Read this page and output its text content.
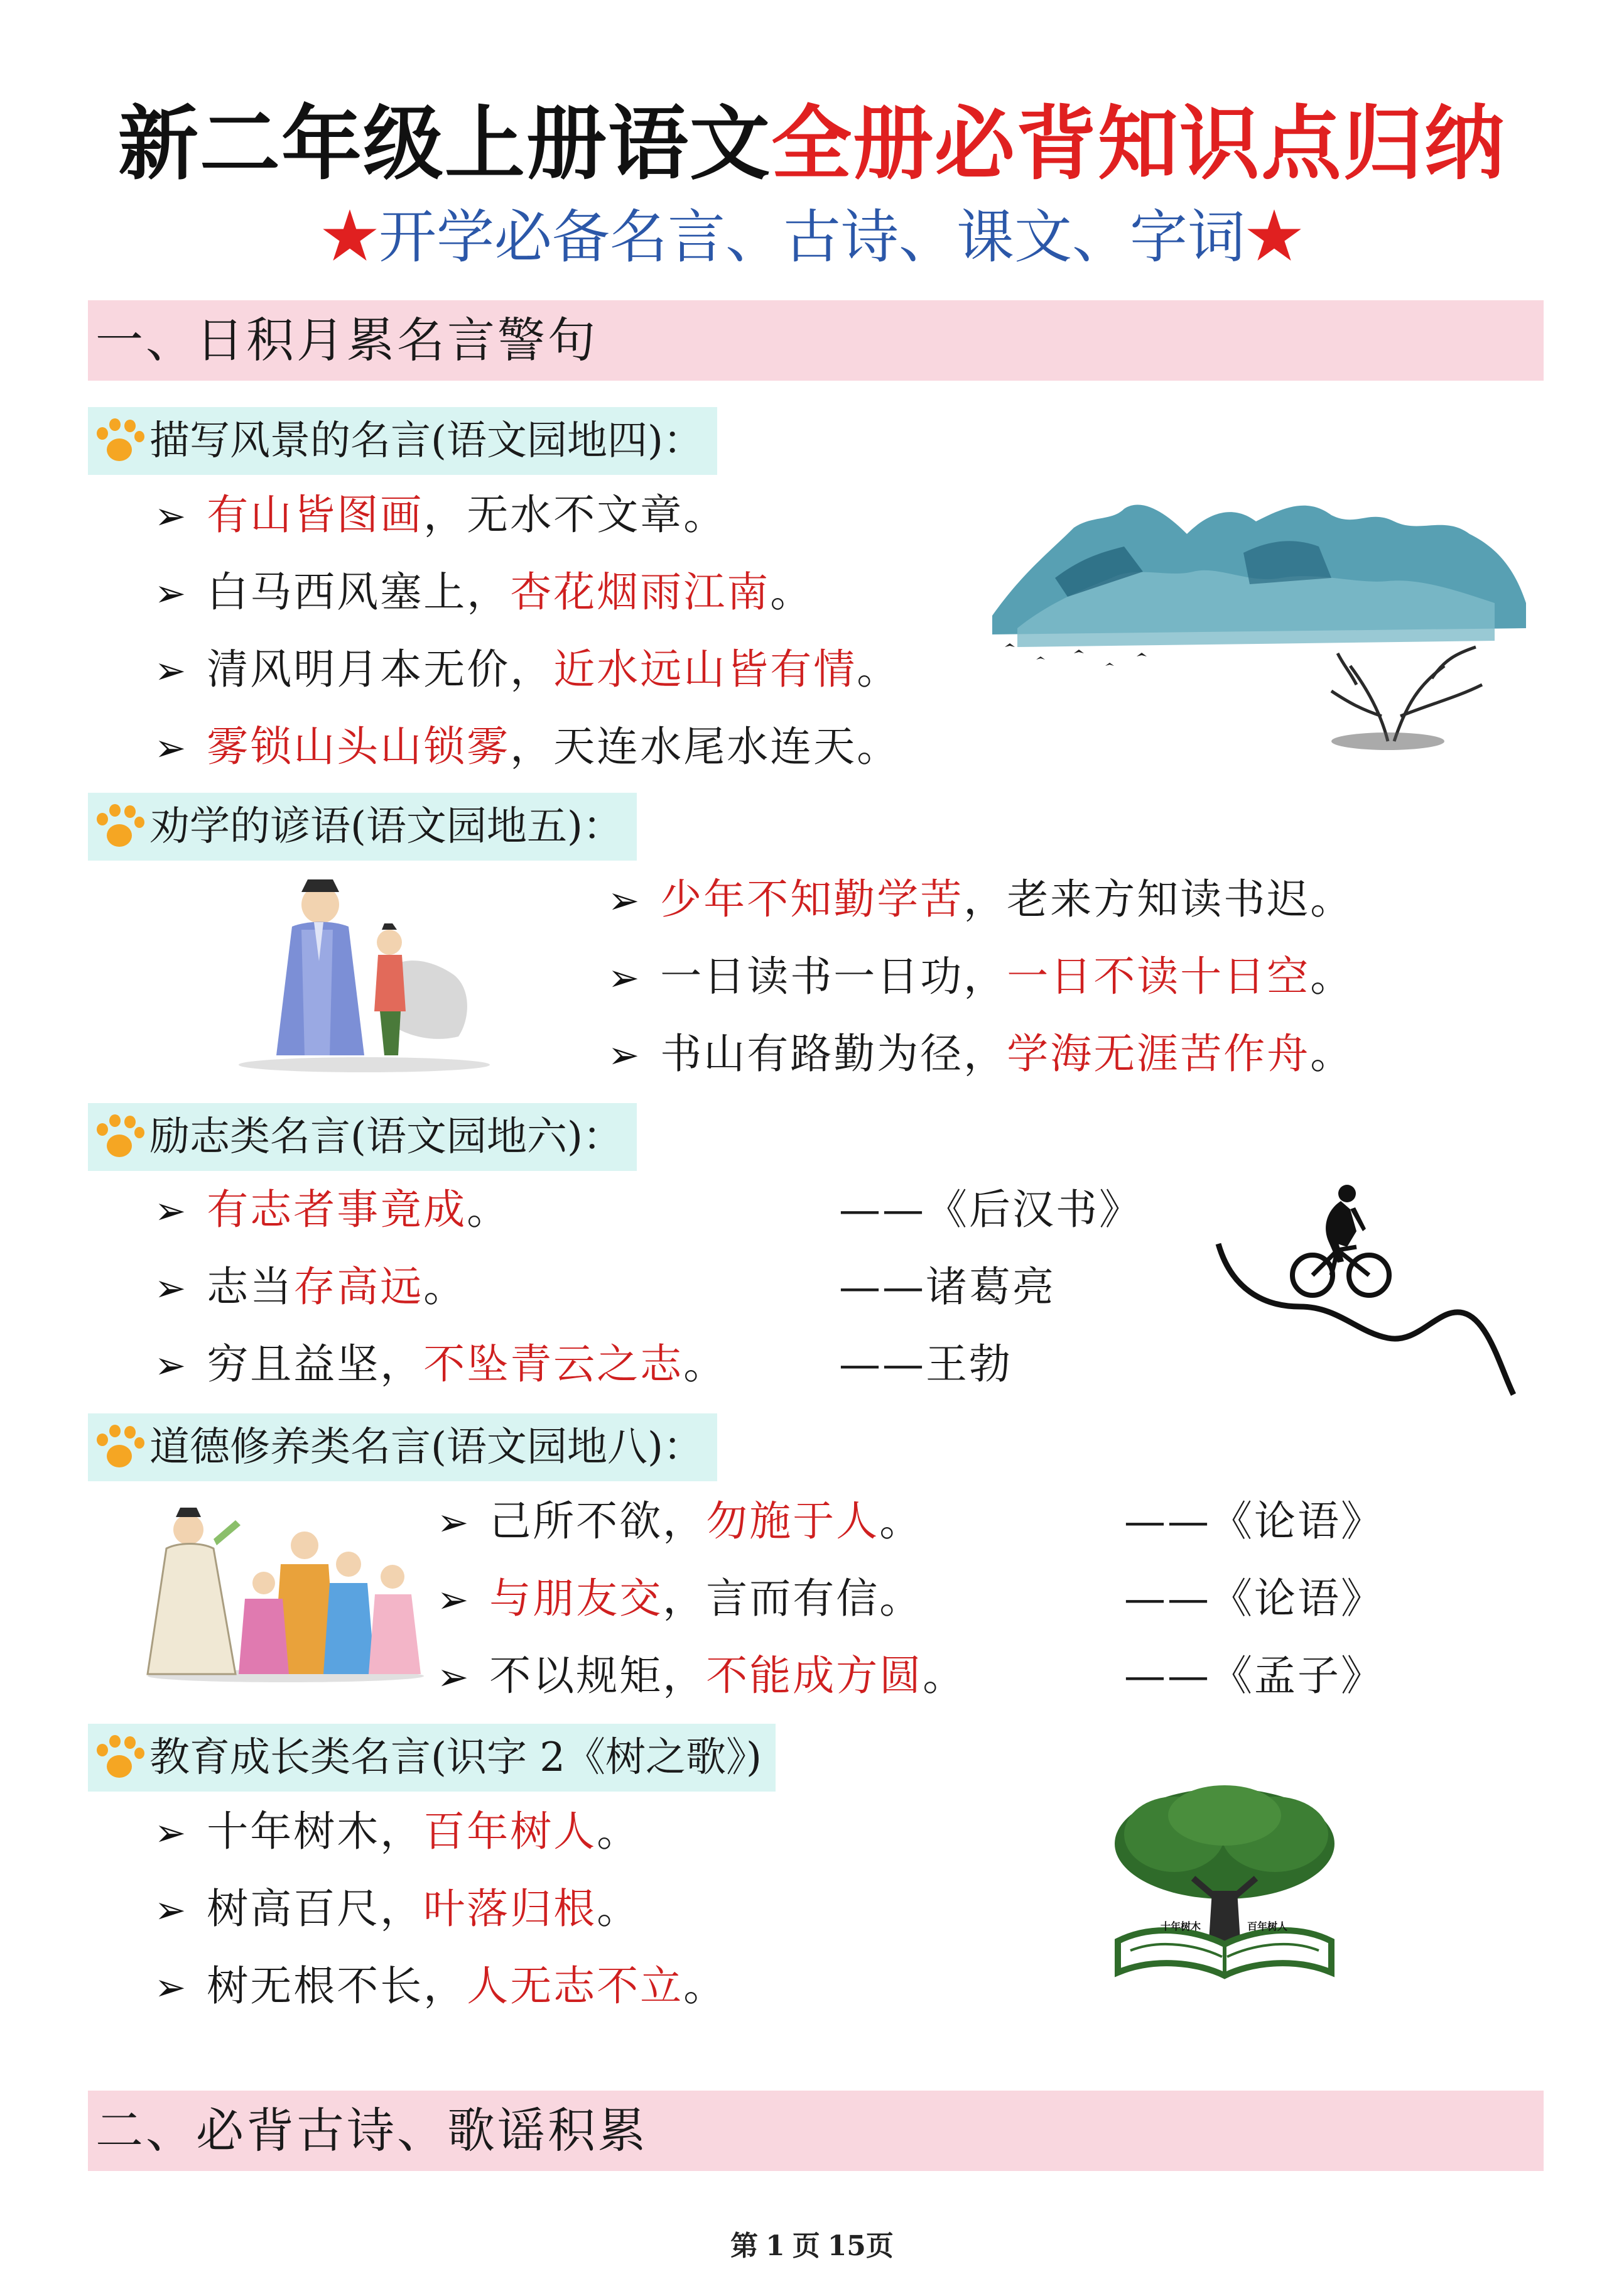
新二年级上册语文全册必背知识点归纳
★开学必备名言、古诗、课文、字词★
一、日积月累名言警句
描写风景的名言(语文园地四)：
➢ 有山皆图画，无水不文章。
➢ 白马西风塞上，杏花烟雨江南。
➢ 清风明月本无价，近水远山皆有情。
➢ 雾锁山头山锁雾，天连水尾水连天。
劝学的谚语(语文园地五)：
➢ 少年不知勤学苦，老来方知读书迟。
➢ 一日读书一日功，一日不读十日空。
➢ 书山有路勤为径，学海无涯苦作舟。
励志类名言(语文园地六)：
➢ 有志者事竟成。	——《后汉书》
➢ 志当存高远。	——诸葛亮
➢ 穷且益坚，不坠青云之志。	——王勃
道德修养类名言(语文园地八)：
➢ 己所不欲，勿施于人。	——《论语》
➢ 与朋友交，言而有信。	——《论语》
➢ 不以规矩，不能成方圆。	——《孟子》
教育成长类名言(识字 2《树之歌》)
➢ 十年树木，百年树人。
➢ 树高百尺，叶落归根。
➢ 树无根不长，人无志不立。
十年树木	百年树人
二、必背古诗、歌谣积累
第 1 页 15页
